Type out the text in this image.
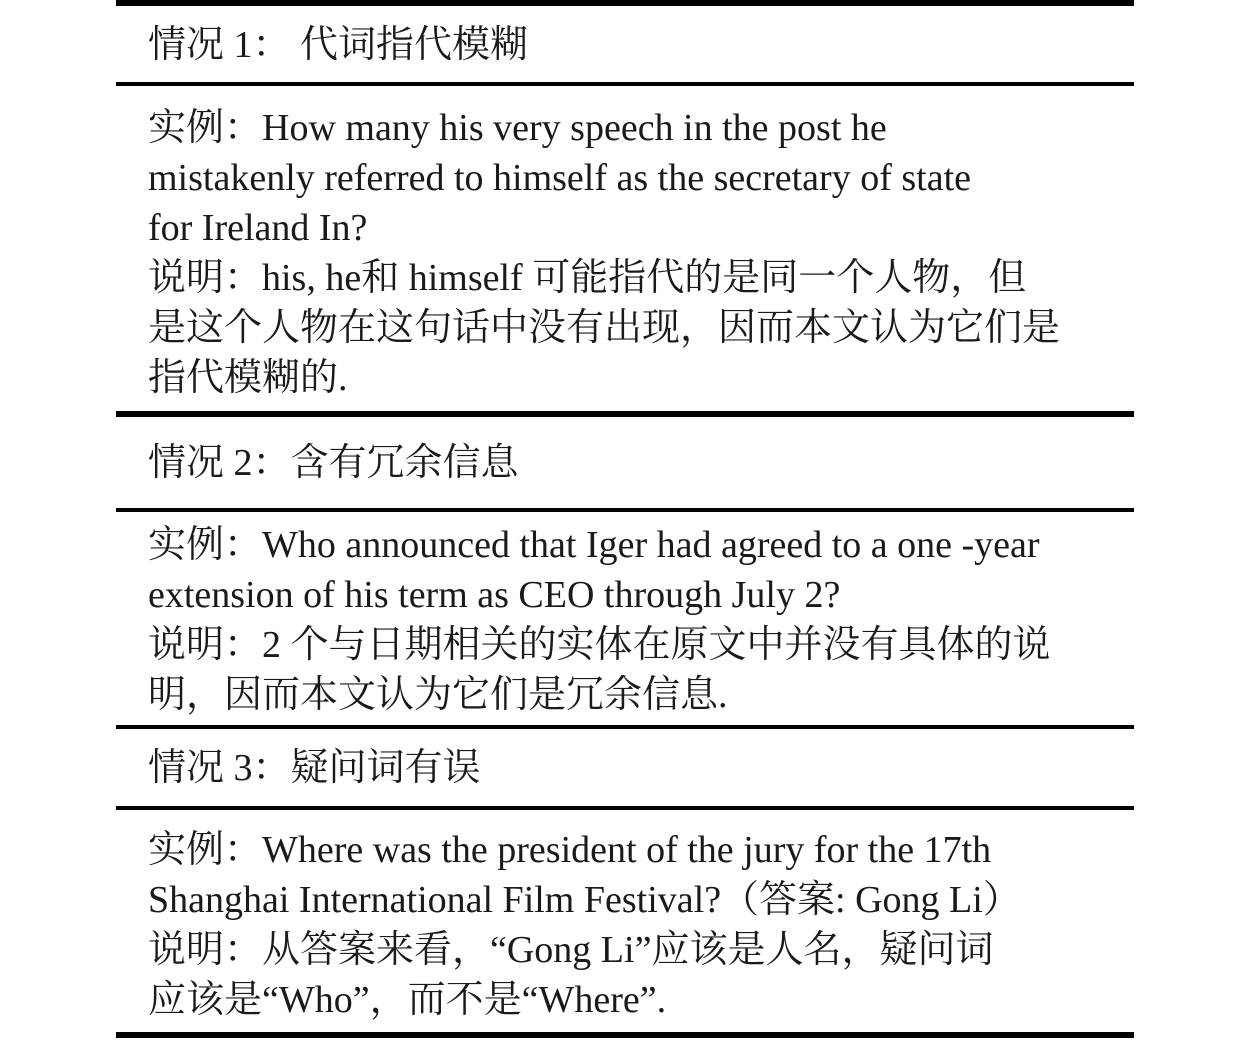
情况 1： 代词指代模糊
实例：How many his very speech in the post he
mistakenly referred to himself as the secretary of state
for Ireland In?
说明：his, he和 himself 可能指代的是同一个人物，但
是这个人物在这句话中没有出现，因而本文认为它们是
指代模糊的.
情况 2：含有冗余信息
实例：Who announced that Iger had agreed to a one -year
extension of his term as CEO through July 2?
说明：2 个与日期相关的实体在原文中并没有具体的说
明，因而本文认为它们是冗余信息.
情况 3：疑问词有误
实例：Where was the president of the jury for the 17th
Shanghai International Film Festival?（答案: Gong Li）
说明：从答案来看，“Gong Li”应该是人名，疑问词
应该是“Who”，而不是“Where”.
